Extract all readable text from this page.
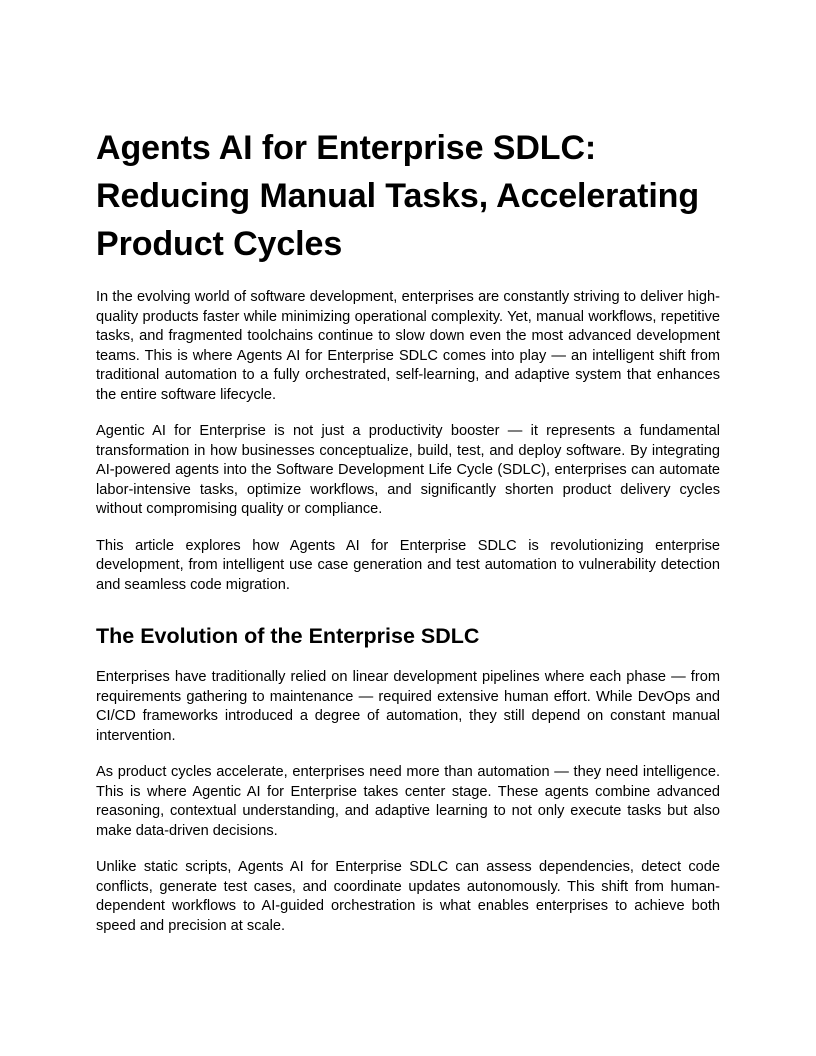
Agents AI for Enterprise SDLC:
Reducing Manual Tasks, Accelerating
Product Cycles

In the evolving world of software development, enterprises are constantly striving to deliver high-quality products faster while minimizing operational complexity. Yet, manual workflows, repetitive tasks, and fragmented toolchains continue to slow down even the most advanced development teams. This is where Agents AI for Enterprise SDLC comes into play — an intelligent shift from traditional automation to a fully orchestrated, self-learning, and adaptive system that enhances the entire software lifecycle.

Agentic AI for Enterprise is not just a productivity booster — it represents a fundamental transformation in how businesses conceptualize, build, test, and deploy software. By integrating AI-powered agents into the Software Development Life Cycle (SDLC), enterprises can automate labor-intensive tasks, optimize workflows, and significantly shorten product delivery cycles without compromising quality or compliance.

This article explores how Agents AI for Enterprise SDLC is revolutionizing enterprise development, from intelligent use case generation and test automation to vulnerability detection and seamless code migration.

The Evolution of the Enterprise SDLC

Enterprises have traditionally relied on linear development pipelines where each phase — from requirements gathering to maintenance — required extensive human effort. While DevOps and CI/CD frameworks introduced a degree of automation, they still depend on constant manual intervention.

As product cycles accelerate, enterprises need more than automation — they need intelligence. This is where Agentic AI for Enterprise takes center stage. These agents combine advanced reasoning, contextual understanding, and adaptive learning to not only execute tasks but also make data-driven decisions.

Unlike static scripts, Agents AI for Enterprise SDLC can assess dependencies, detect code conflicts, generate test cases, and coordinate updates autonomously. This shift from human-dependent workflows to AI-guided orchestration is what enables enterprises to achieve both speed and precision at scale.
